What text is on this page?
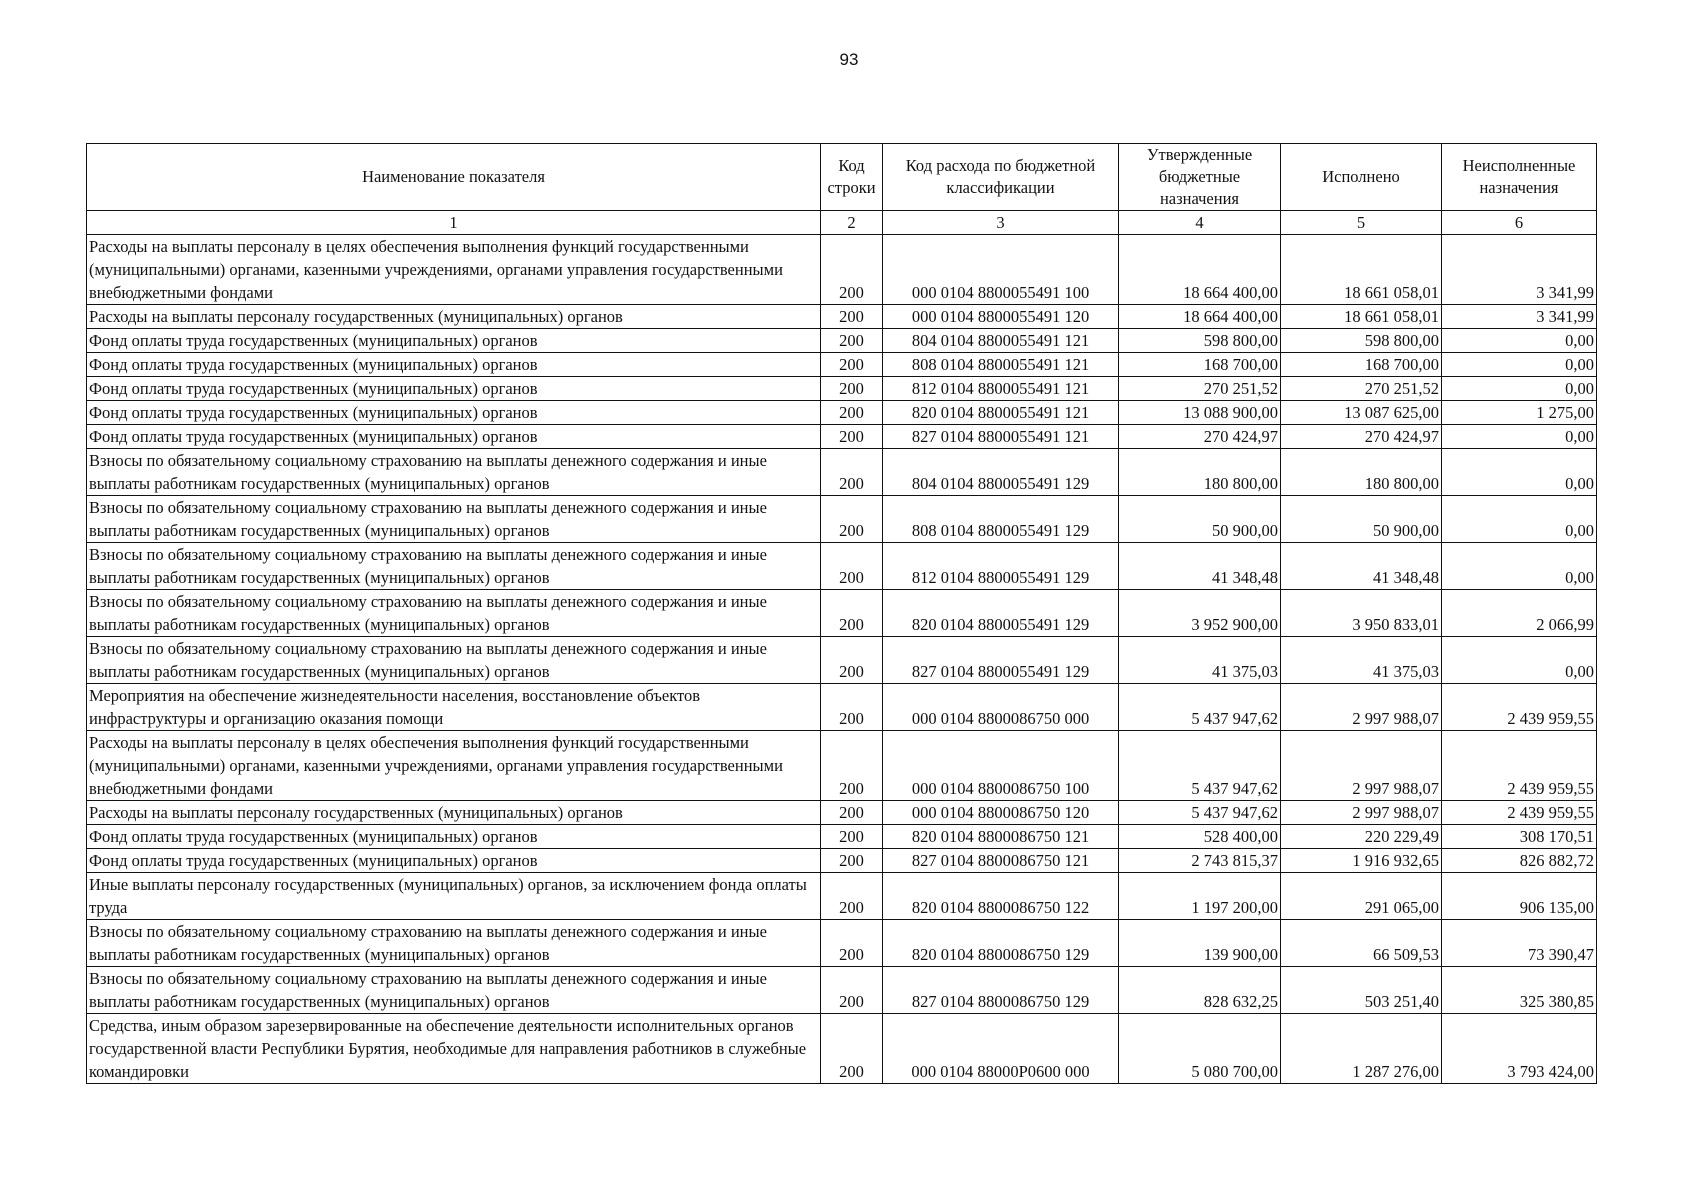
93
Наименование показателя	Код строки	Код расхода по бюджетной классификации	Утвержденные бюджетные назначения	Исполнено	Неисполненные назначения
1	2	3	4	5	6
Расходы на выплаты персоналу в целях обеспечения выполнения функций государственными (муниципальными) органами, казенными учреждениями, органами управления государственными внебюджетными фондами	200	000 0104 8800055491 100	18 664 400,00	18 661 058,01	3 341,99
Расходы на выплаты персоналу государственных (муниципальных) органов	200	000 0104 8800055491 120	18 664 400,00	18 661 058,01	3 341,99
Фонд оплаты труда государственных (муниципальных) органов	200	804 0104 8800055491 121	598 800,00	598 800,00	0,00
Фонд оплаты труда государственных (муниципальных) органов	200	808 0104 8800055491 121	168 700,00	168 700,00	0,00
Фонд оплаты труда государственных (муниципальных) органов	200	812 0104 8800055491 121	270 251,52	270 251,52	0,00
Фонд оплаты труда государственных (муниципальных) органов	200	820 0104 8800055491 121	13 088 900,00	13 087 625,00	1 275,00
Фонд оплаты труда государственных (муниципальных) органов	200	827 0104 8800055491 121	270 424,97	270 424,97	0,00
Взносы по обязательному социальному страхованию на выплаты денежного содержания и иные выплаты работникам государственных (муниципальных) органов	200	804 0104 8800055491 129	180 800,00	180 800,00	0,00
Взносы по обязательному социальному страхованию на выплаты денежного содержания и иные выплаты работникам государственных (муниципальных) органов	200	808 0104 8800055491 129	50 900,00	50 900,00	0,00
Взносы по обязательному социальному страхованию на выплаты денежного содержания и иные выплаты работникам государственных (муниципальных) органов	200	812 0104 8800055491 129	41 348,48	41 348,48	0,00
Взносы по обязательному социальному страхованию на выплаты денежного содержания и иные выплаты работникам государственных (муниципальных) органов	200	820 0104 8800055491 129	3 952 900,00	3 950 833,01	2 066,99
Взносы по обязательному социальному страхованию на выплаты денежного содержания и иные выплаты работникам государственных (муниципальных) органов	200	827 0104 8800055491 129	41 375,03	41 375,03	0,00
Мероприятия на обеспечение жизнедеятельности населения, восстановление объектов инфраструктуры и организацию оказания помощи	200	000 0104 8800086750 000	5 437 947,62	2 997 988,07	2 439 959,55
Расходы на выплаты персоналу в целях обеспечения выполнения функций государственными (муниципальными) органами, казенными учреждениями, органами управления государственными внебюджетными фондами	200	000 0104 8800086750 100	5 437 947,62	2 997 988,07	2 439 959,55
Расходы на выплаты персоналу государственных (муниципальных) органов	200	000 0104 8800086750 120	5 437 947,62	2 997 988,07	2 439 959,55
Фонд оплаты труда государственных (муниципальных) органов	200	820 0104 8800086750 121	528 400,00	220 229,49	308 170,51
Фонд оплаты труда государственных (муниципальных) органов	200	827 0104 8800086750 121	2 743 815,37	1 916 932,65	826 882,72
Иные выплаты персоналу государственных (муниципальных) органов, за исключением фонда оплаты труда	200	820 0104 8800086750 122	1 197 200,00	291 065,00	906 135,00
Взносы по обязательному социальному страхованию на выплаты денежного содержания и иные выплаты работникам государственных (муниципальных) органов	200	820 0104 8800086750 129	139 900,00	66 509,53	73 390,47
Взносы по обязательному социальному страхованию на выплаты денежного содержания и иные выплаты работникам государственных (муниципальных) органов	200	827 0104 8800086750 129	828 632,25	503 251,40	325 380,85
Средства, иным образом зарезервированные на обеспечение деятельности исполнительных органов государственной власти Республики Бурятия, необходимые для направления работников в служебные командировки	200	000 0104 88000P0600 000	5 080 700,00	1 287 276,00	3 793 424,00
